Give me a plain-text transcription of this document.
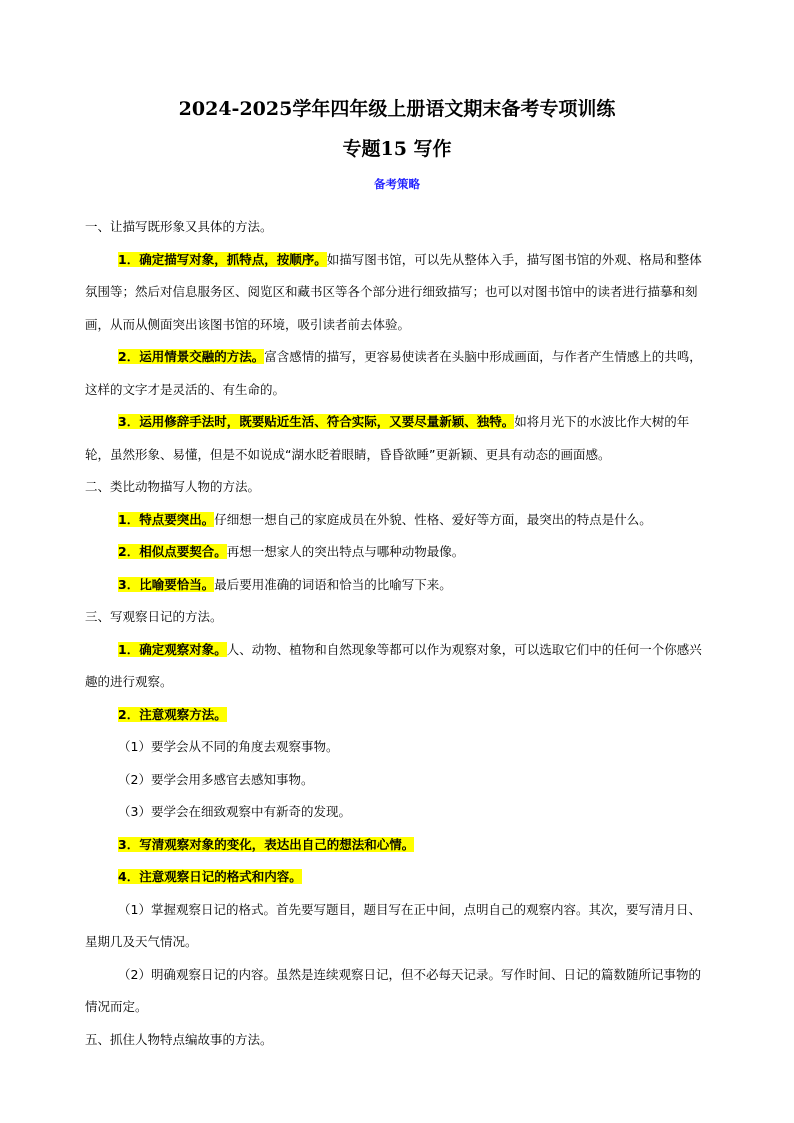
2024-2025学年四年级上册语文期末备考专项训练
专题15 写作
备考策略

一、让描写既形象又具体的方法。

1．确定描写对象，抓特点，按顺序。如描写图书馆，可以先从整体入手，描写图书馆的外观、格局和整体氛围等；然后对信息服务区、阅览区和藏书区等各个部分进行细致描写；也可以对图书馆中的读者进行描摹和刻画，从而从侧面突出该图书馆的环境，吸引读者前去体验。

2．运用情景交融的方法。富含感情的描写，更容易使读者在头脑中形成画面，与作者产生情感上的共鸣，这样的文字才是灵活的、有生命的。

3．运用修辞手法时，既要贴近生活、符合实际，又要尽量新颖、独特。如将月光下的水波比作大树的年轮，虽然形象、易懂，但是不如说成“湖水眨着眼睛，昏昏欲睡”更新颖、更具有动态的画面感。

二、类比动物描写人物的方法。

1．特点要突出。仔细想一想自己的家庭成员在外貌、性格、爱好等方面，最突出的特点是什么。

2．相似点要契合。再想一想家人的突出特点与哪种动物最像。

3．比喻要恰当。最后要用准确的词语和恰当的比喻写下来。

三、写观察日记的方法。

1．确定观察对象。人、动物、植物和自然现象等都可以作为观察对象，可以选取它们中的任何一个你感兴趣的进行观察。

2．注意观察方法。

（1）要学会从不同的角度去观察事物。

（2）要学会用多感官去感知事物。

（3）要学会在细致观察中有新奇的发现。

3．写清观察对象的变化，表达出自己的想法和心情。

4．注意观察日记的格式和内容。

（1）掌握观察日记的格式。首先要写题目，题目写在正中间，点明自己的观察内容。其次，要写清月日、星期几及天气情况。

（2）明确观察日记的内容。虽然是连续观察日记，但不必每天记录。写作时间、日记的篇数随所记事物的情况而定。

五、抓住人物特点编故事的方法。
